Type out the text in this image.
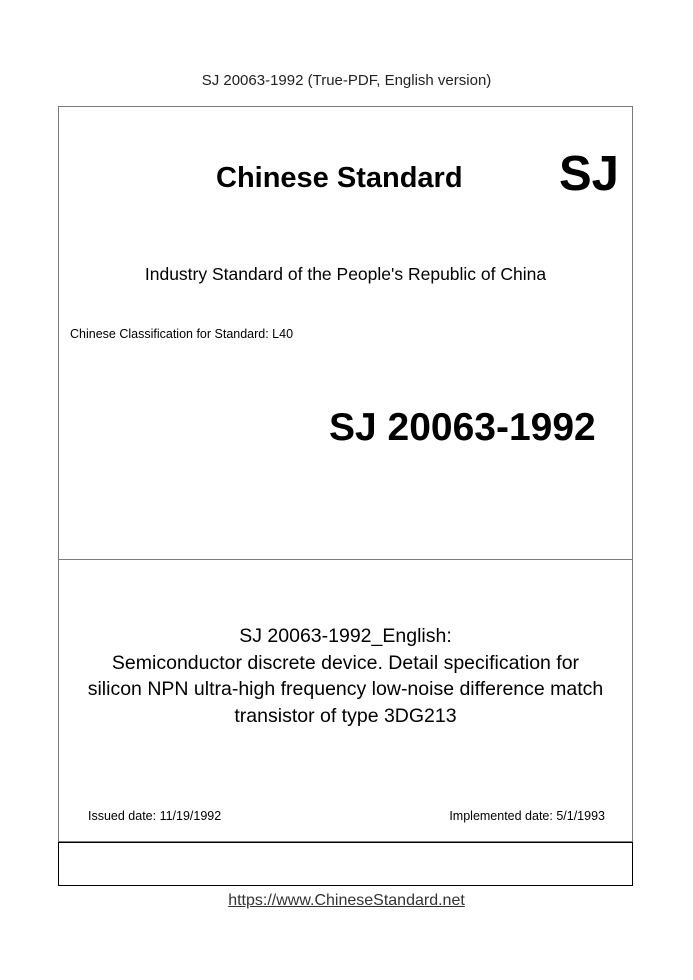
SJ 20063-1992 (True-PDF, English version)
Chinese Standard SJ
Industry Standard of the People's Republic of China
Chinese Classification for Standard: L40
SJ 20063-1992
SJ 20063-1992_English:
Semiconductor discrete device. Detail specification for
silicon NPN ultra-high frequency low-noise difference match
transistor of type 3DG213
Issued date: 11/19/1992	Implemented date: 5/1/1993
https://www.ChineseStandard.net
